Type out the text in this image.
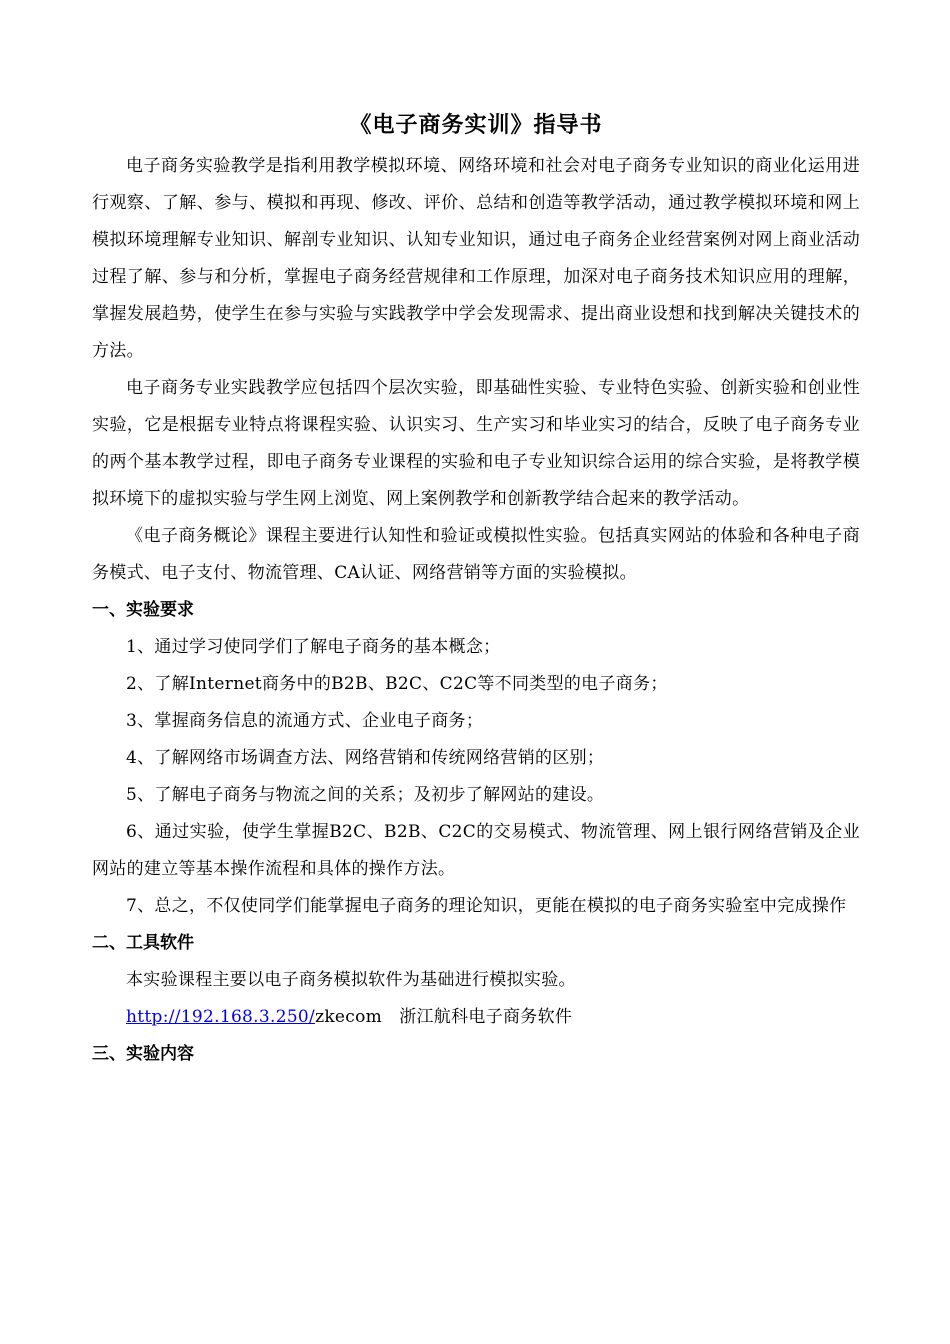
《电子商务实训》指导书

电子商务实验教学是指利用教学模拟环境、网络环境和社会对电子商务专业知识的商业化运用进行观察、了解、参与、模拟和再现、修改、评价、总结和创造等教学活动，通过教学模拟环境和网上模拟环境理解专业知识、解剖专业知识、认知专业知识，通过电子商务企业经营案例对网上商业活动过程了解、参与和分析，掌握电子商务经营规律和工作原理，加深对电子商务技术知识应用的理解，掌握发展趋势，使学生在参与实验与实践教学中学会发现需求、提出商业设想和找到解决关键技术的方法。

电子商务专业实践教学应包括四个层次实验，即基础性实验、专业特色实验、创新实验和创业性实验，它是根据专业特点将课程实验、认识实习、生产实习和毕业实习的结合，反映了电子商务专业的两个基本教学过程，即电子商务专业课程的实验和电子专业知识综合运用的综合实验，是将教学模拟环境下的虚拟实验与学生网上浏览、网上案例教学和创新教学结合起来的教学活动。

《电子商务概论》课程主要进行认知性和验证或模拟性实验。包括真实网站的体验和各种电子商务模式、电子支付、物流管理、CA认证、网络营销等方面的实验模拟。

一、实验要求

1、通过学习使同学们了解电子商务的基本概念；

2、了解Internet商务中的B2B、B2C、C2C等不同类型的电子商务；

3、掌握商务信息的流通方式、企业电子商务；

4、了解网络市场调查方法、网络营销和传统网络营销的区别；

5、了解电子商务与物流之间的关系；及初步了解网站的建设。

6、通过实验，使学生掌握B2C、B2B、C2C的交易模式、物流管理、网上银行网络营销及企业网站的建立等基本操作流程和具体的操作方法。

7、总之，不仅使同学们能掌握电子商务的理论知识，更能在模拟的电子商务实验室中完成操作

二、工具软件

本实验课程主要以电子商务模拟软件为基础进行模拟实验。

http://192.168.3.250/zkecom 浙江航科电子商务软件

三、实验内容
